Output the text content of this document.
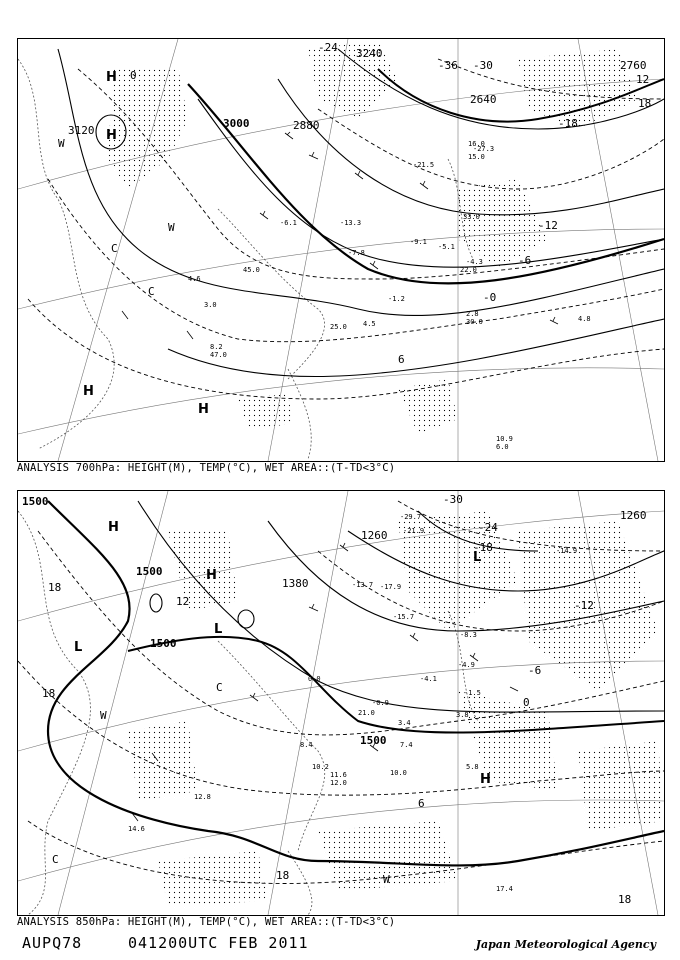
3120
3000	2880
3240
2760
2640
0
-24
-30
-36
-12
-6
-18
-0
18
12
6
H
H
H
H
W
C
C
W
-27.3
-21.5
-13.3
-9.1
-7.8
-6.1
-5.1
-4.3
-1.2
2.8
4.8
8.2
3.0
4.6
10.9
16.0
22.0
30.0
33.0
45.0
47.0
6.0
4.5
25.0
15.0
ANALYSIS 700hPa: HEIGHT(M), TEMP(°C), WET AREA::(T-TD<3°C)
1500
1500
1500
1500
1380
1260
1260
18
12
-30
-24
-18
-12
-6
0
6
18
18
18
H
H
L
L
L
C
C
W
W
H
-29.7
-21.9
-17.9
-15.7
-14.9
-13.7
-8.3
-4.9
-4.1
-1.5
-0.9
0.0
3.4
3.8
5.8
7.4
8.4
10.0
10.2
11.6
12.0
12.8
14.6
17.4
21.0
ANALYSIS 850hPa: HEIGHT(M), TEMP(°C), WET AREA::(T-TD<3°C)
AUPQ78	041200UTC FEB 2011	Japan Meteorological Agency
